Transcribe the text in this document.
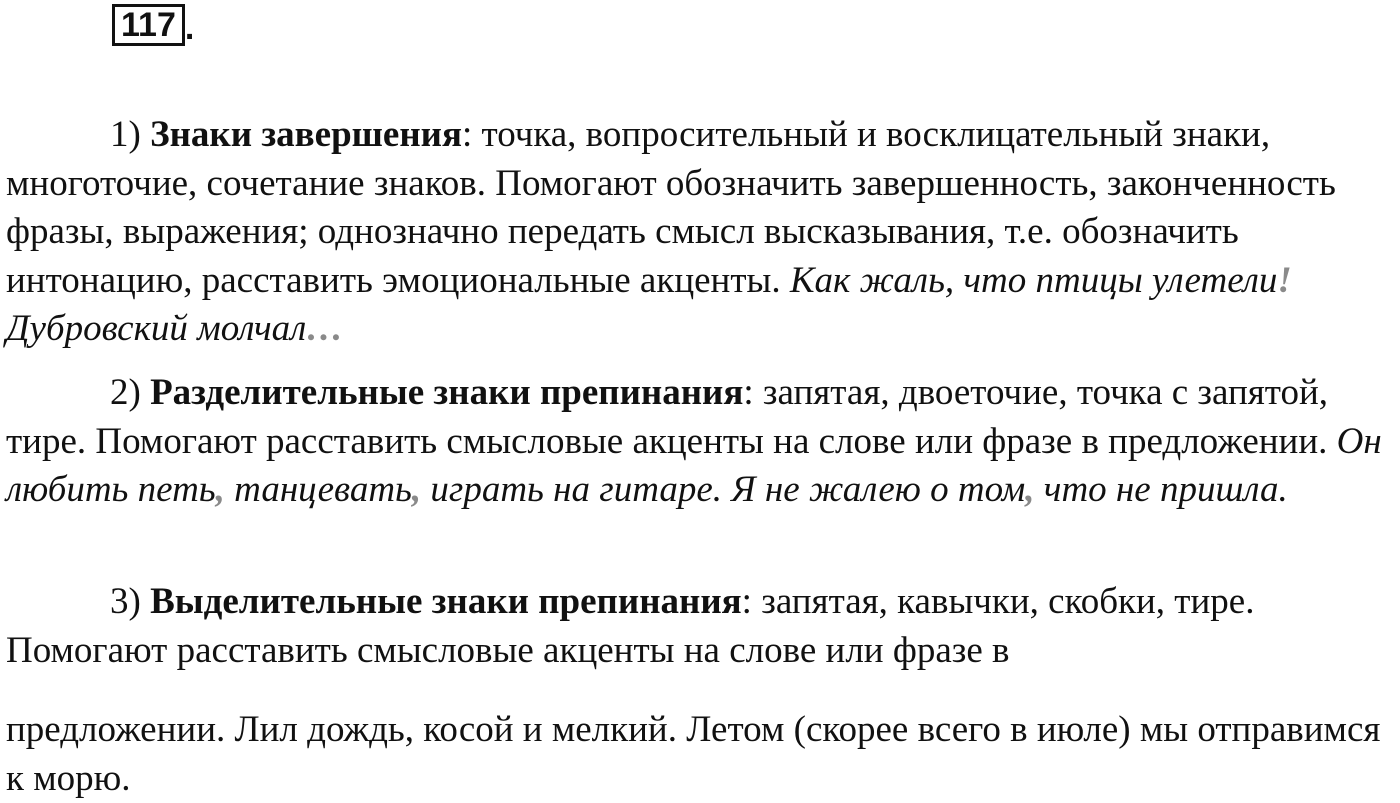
117 .

1) Знаки завершения: точка, вопросительный и восклицательный знаки, многоточие, сочетание знаков. Помогают обозначить завершенность, законченность фразы, выражения; однозначно передать смысл высказывания, т.е. обозначить интонацию, расставить эмоциональные акценты. Как жаль, что птицы улетели! Дубровский молчал…

2) Разделительные знаки препинания: запятая, двоеточие, точка с запятой, тире. Помогают расставить смысловые акценты на слове или фразе в предложении. Он любить петь, танцевать, играть на гитаре. Я не жалею о том, что не пришла.

3) Выделительные знаки препинания: запятая, кавычки, скобки, тире. Помогают расставить смысловые акценты на слове или фразе в

предложении. Лил дождь, косой и мелкий. Летом (скорее всего в июле) мы отправимся к морю.
